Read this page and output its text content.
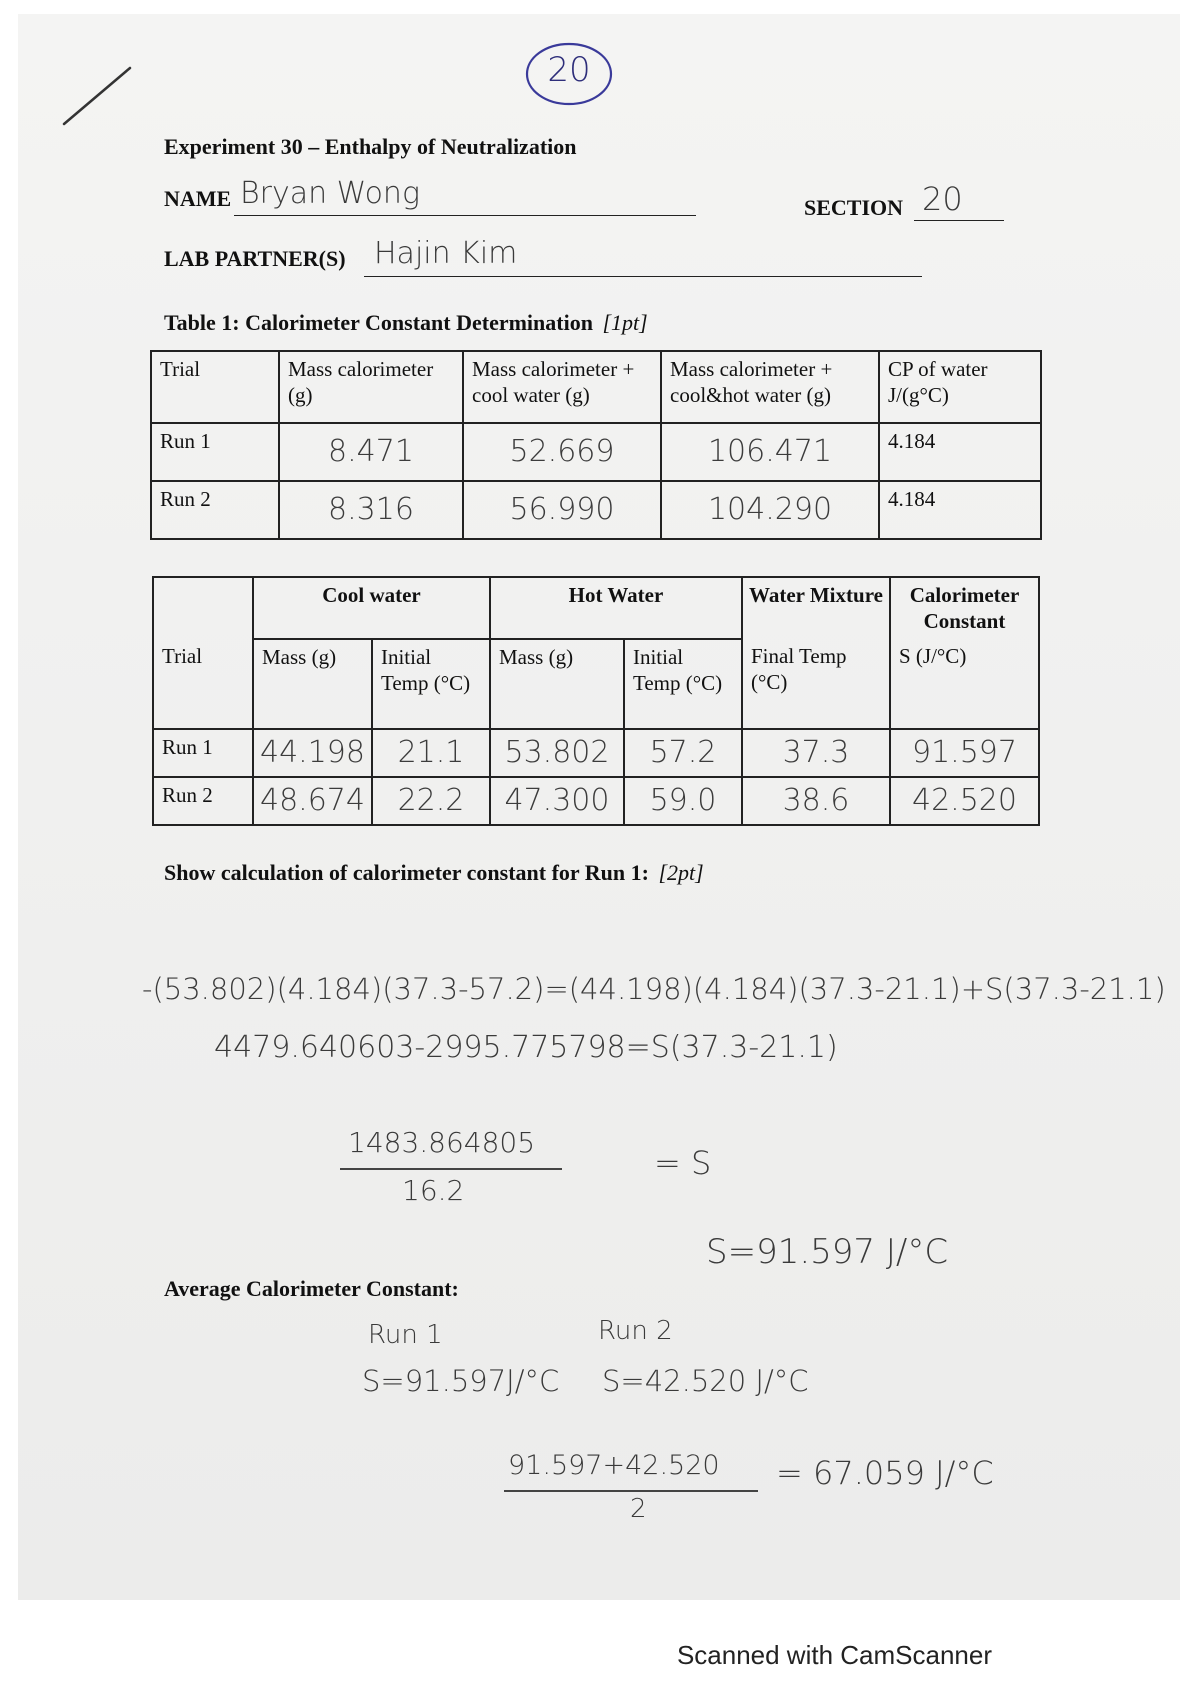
20
Experiment 30 – Enthalpy of Neutralization
NAME Bryan Wong	SECTION 20
LAB PARTNER(S) Hajin Kim
Table 1: Calorimeter Constant Determination [1pt]
Trial	Mass calorimeter (g)	Mass calorimeter + cool water (g)	Mass calorimeter + cool&hot water (g)	CP of water J/(g°C)
Run 1	8.471	52.669	106.471	4.184
Run 2	8.316	56.990	104.290	4.184
	Cool water		Hot Water		Water Mixture	Calorimeter Constant
Trial	Mass (g)	Initial Temp (°C)	Mass (g)	Initial Temp (°C)	Final Temp (°C)	S (J/°C)
Run 1	44.198	21.1	53.802	57.2	37.3	91.597
Run 2	48.674	22.2	47.300	59.0	38.6	42.520
Show calculation of calorimeter constant for Run 1: [2pt]
-(53.802)(4.184)(37.3-57.2)=(44.198)(4.184)(37.3-21.1)+S(37.3-21.1)
4479.640603-2995.775798=S(37.3-21.1)
1483.864805
16.2
= S
S=91.597 J/°C
Average Calorimeter Constant:
Run 1	Run 2
S=91.597J/°C S=42.520 J/°C
91.597+42.520
2
= 67.059 J/°C
Scanned with CamScanner
